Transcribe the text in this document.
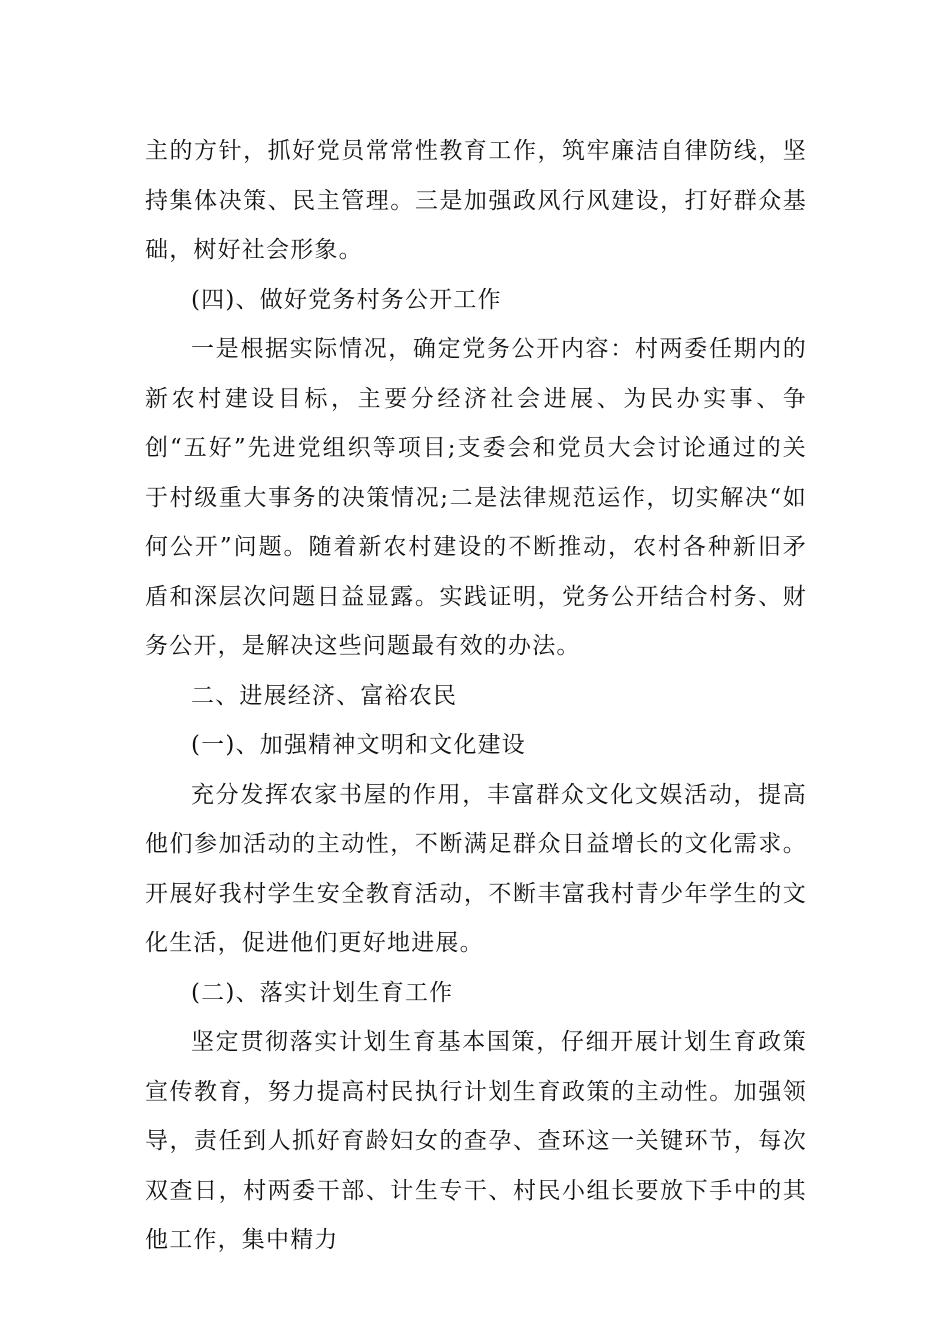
主的方针，抓好党员常常性教育工作，筑牢廉洁自律防线，坚持集体决策、民主管理。三是加强政风行风建设，打好群众基础，树好社会形象。

(四)、做好党务村务公开工作

一是根据实际情况，确定党务公开内容：村两委任期内的新农村建设目标，主要分经济社会进展、为民办实事、争创“五好”先进党组织等项目;支委会和党员大会讨论通过的关于村级重大事务的决策情况;二是法律规范运作，切实解决“如何公开”问题。随着新农村建设的不断推动，农村各种新旧矛盾和深层次问题日益显露。实践证明，党务公开结合村务、财务公开，是解决这些问题最有效的办法。

二、进展经济、富裕农民

(一)、加强精神文明和文化建设

充分发挥农家书屋的作用，丰富群众文化文娱活动，提高他们参加活动的主动性，不断满足群众日益增长的文化需求。开展好我村学生安全教育活动，不断丰富我村青少年学生的文化生活，促进他们更好地进展。

(二)、落实计划生育工作

坚定贯彻落实计划生育基本国策，仔细开展计划生育政策宣传教育，努力提高村民执行计划生育政策的主动性。加强领导，责任到人抓好育龄妇女的查孕、查环这一关键环节，每次双查日，村两委干部、计生专干、村民小组长要放下手中的其他工作，集中精力
